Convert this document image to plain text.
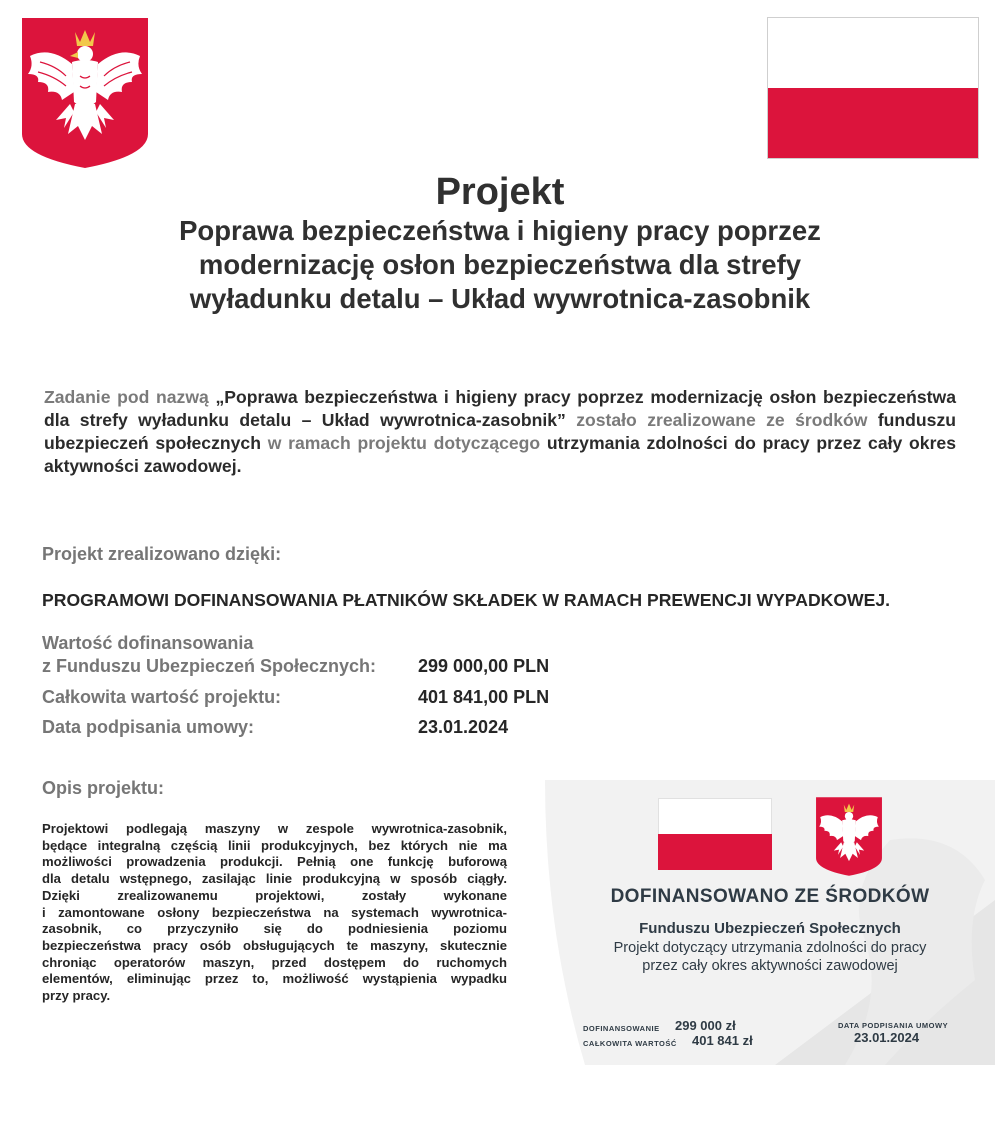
Projekt

Poprawa bezpieczeństwa i higieny pracy poprzez

modernizację osłon bezpieczeństwa dla strefy

wyładunku detalu – Układ wywrotnica-zasobnik

Zadanie pod nazwą „Poprawa bezpieczeństwa i higieny pracy poprzez modernizację osłon bezpieczeństwa dla strefy wyładunku detalu – Układ wywrotnica-zasobnik” zostało zrealizowane ze środków funduszu ubezpieczeń społecznych w ramach projektu dotyczącego utrzymania zdolności do pracy przez cały okres aktywności zawodowej.
Projekt zrealizowano dzięki:
PROGRAMOWI DOFINANSOWANIA PŁATNIKÓW SKŁADEK W RAMACH PREWENCJI WYPADKOWEJ.
Wartość dofinansowania
z Funduszu Ubezpieczeń Społecznych: 299 000,00 PLN
Całkowita wartość projektu:	401 841,00 PLN
Data podpisania umowy:	23.01.2024
Opis projektu:
Projektowi podlegają maszyny w zespole wywrotnica-zasobnik,
będące integralną częścią linii produkcyjnych, bez których nie ma
możliwości prowadzenia produkcji. Pełnią one funkcję buforową
dla detalu wstępnego, zasilając linie produkcyjną w sposób ciągły.
Dzięki zrealizowanemu projektowi, zostały wykonane
i zamontowane osłony bezpieczeństwa na systemach wywrotnica-
zasobnik, co przyczyniło się do podniesienia poziomu
bezpieczeństwa pracy osób obsługujących te maszyny, skutecznie
chroniąc operatorów maszyn, przed dostępem do ruchomych
elementów, eliminując przez to, możliwość wystąpienia wypadku
przy pracy.
DOFINANSOWANO ZE ŚRODKÓW
Funduszu Ubezpieczeń Społecznych
Projekt dotyczący utrzymania zdolności do pracy
przez cały okres aktywności zawodowej
DOFINANSOWANIE 299 000 zł
CAŁKOWITA WARTOŚĆ 401 841 zł
DATA PODPISANIA UMOWY
23.01.2024
